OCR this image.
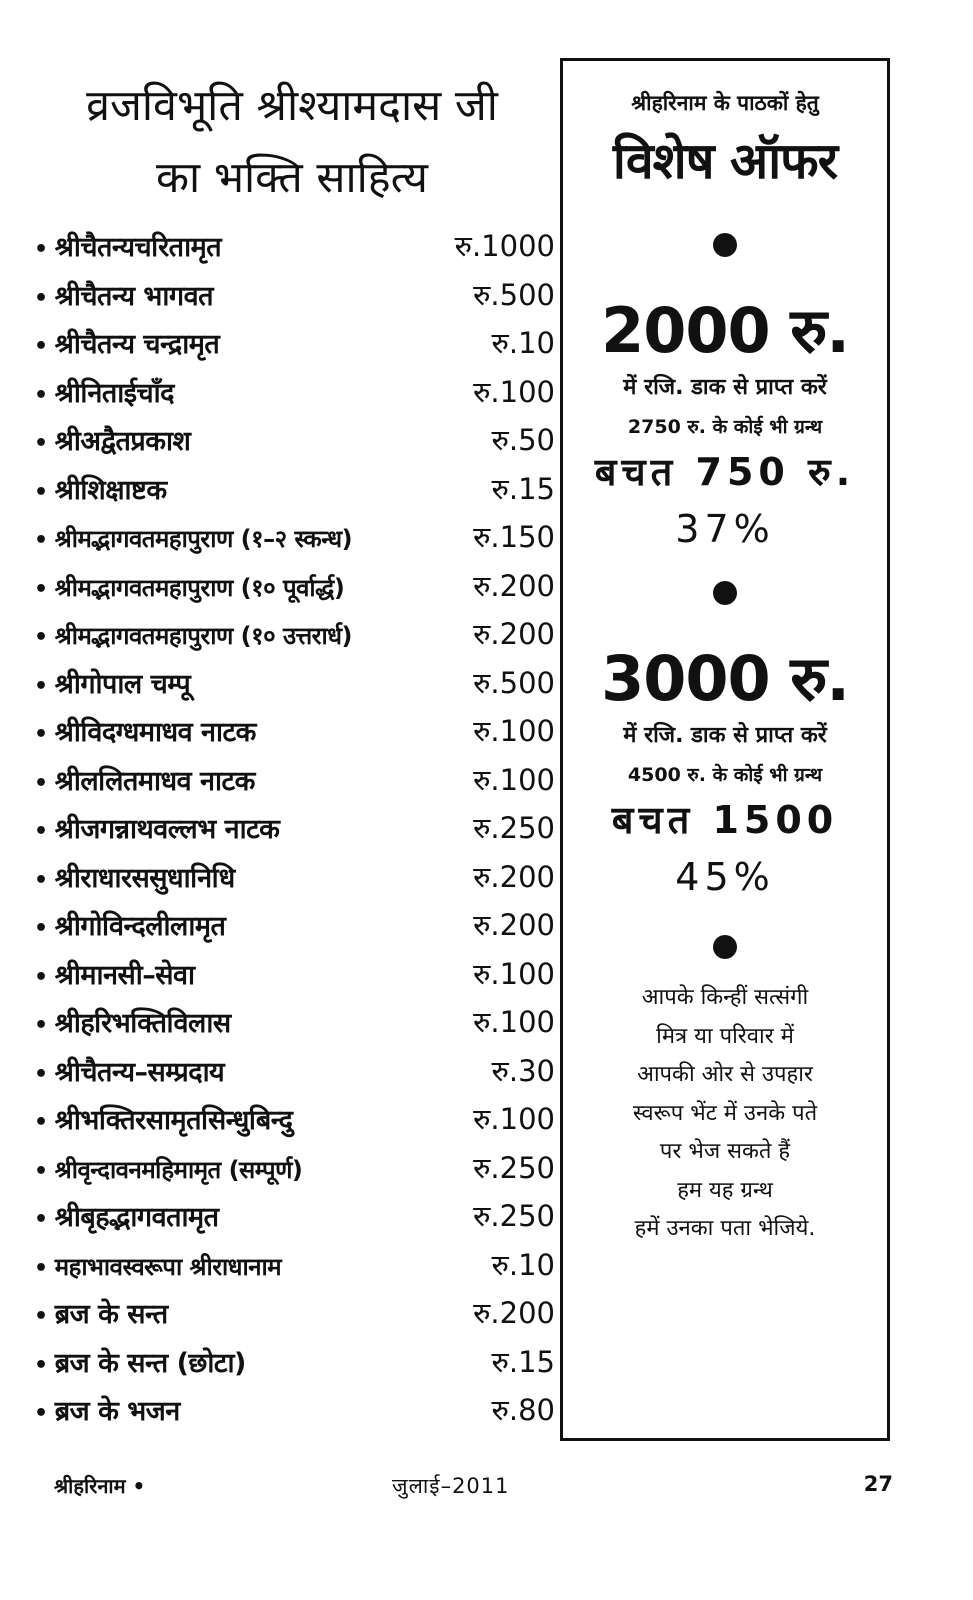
व्रजविभूति श्रीश्यामदास जी
का भक्ति साहित्य
• श्रीचैतन्यचरितामृत	रु.1000
• श्रीचैतन्य भागवत	रु.500
• श्रीचैतन्य चन्द्रामृत	रु.10
• श्रीनिताईचाँद	रु.100
• श्रीअद्वैतप्रकाश	रु.50
• श्रीशिक्षाष्टक	रु.15
• श्रीमद्भागवतमहापुराण (१–२ स्कन्ध)	रु.150
• श्रीमद्भागवतमहापुराण (१० पूर्वार्द्ध)	रु.200
• श्रीमद्भागवतमहापुराण (१० उत्तरार्ध)	रु.200
• श्रीगोपाल चम्पू	रु.500
• श्रीविदग्धमाधव नाटक	रु.100
• श्रीललितमाधव नाटक	रु.100
• श्रीजगन्नाथवल्लभ नाटक	रु.250
• श्रीराधारससुधानिधि	रु.200
• श्रीगोविन्दलीलामृत	रु.200
• श्रीमानसी–सेवा	रु.100
• श्रीहरिभक्तिविलास	रु.100
• श्रीचैतन्य–सम्प्रदाय	रु.30
• श्रीभक्तिरसामृतसिन्धुबिन्दु	रु.100
• श्रीवृन्दावनमहिमामृत (सम्पूर्ण)	रु.250
• श्रीबृहद्भागवतामृत	रु.250
• महाभावस्वरूपा श्रीराधानाम	रु.10
• ब्रज के सन्त	रु.200
• ब्रज के सन्त (छोटा)	रु.15
• ब्रज के भजन	रु.80
श्रीहरिनाम के पाठकों हेतु
विशेष ऑफर
2000 रु.
में रजि. डाक से प्राप्त करें
2750 रु. के कोई भी ग्रन्थ
बचत 750 रु.
37%
3000 रु.
में रजि. डाक से प्राप्त करें
4500 रु. के कोई भी ग्रन्थ
बचत 1500
45%
आपके किन्हीं सत्संगी
मित्र या परिवार में
आपकी ओर से उपहार
स्वरूप भेंट में उनके पते
पर भेज सकते हैं
हम यह ग्रन्थ
हमें उनका पता भेजिये.
श्रीहरिनाम •	जुलाई–2011	27
